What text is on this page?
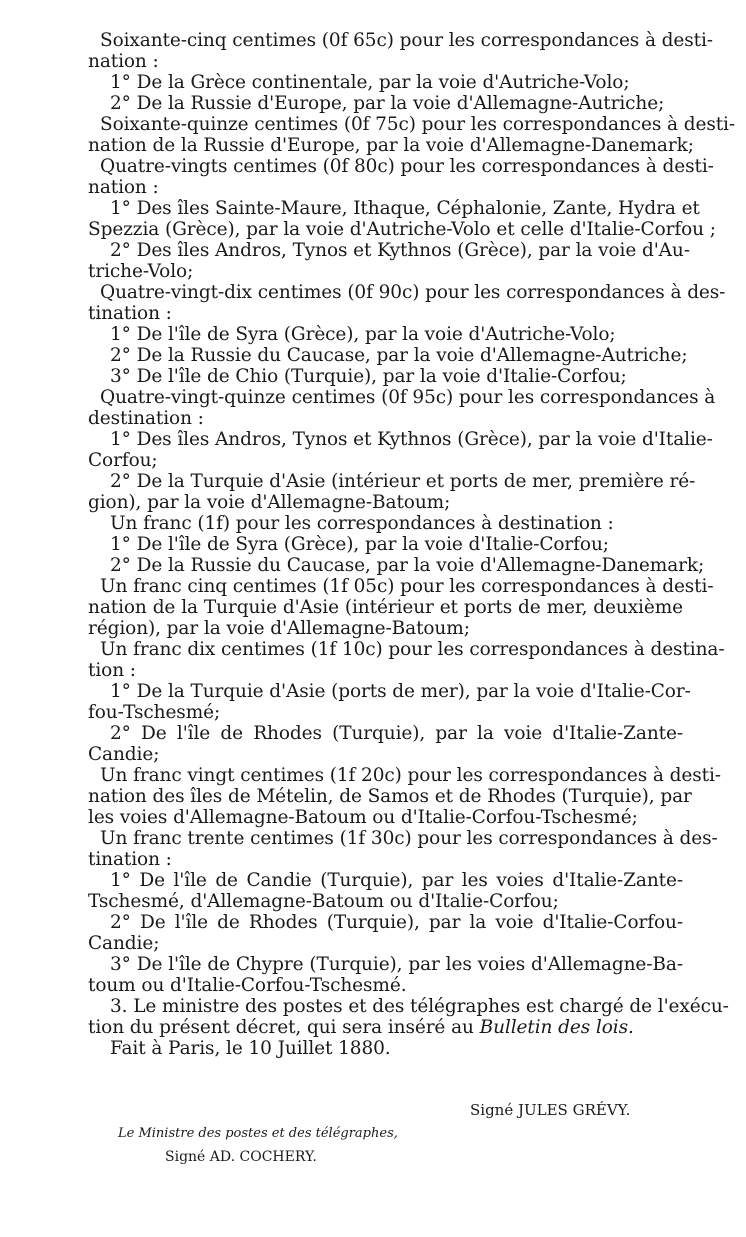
Soixante-cinq centimes (0f 65c) pour les correspondances à desti-
nation :
1° De la Grèce continentale, par la voie d'Autriche-Volo;
2° De la Russie d'Europe, par la voie d'Allemagne-Autriche;
Soixante-quinze centimes (0f 75c) pour les correspondances à desti-
nation de la Russie d'Europe, par la voie d'Allemagne-Danemark;
Quatre-vingts centimes (0f 80c) pour les correspondances à desti-
nation :
1° Des îles Sainte-Maure, Ithaque, Céphalonie, Zante, Hydra et
Spezzia (Grèce), par la voie d'Autriche-Volo et celle d'Italie-Corfou ;
2° Des îles Andros, Tynos et Kythnos (Grèce), par la voie d'Au-
triche-Volo;
Quatre-vingt-dix centimes (0f 90c) pour les correspondances à des-
tination :
1° De l'île de Syra (Grèce), par la voie d'Autriche-Volo;
2° De la Russie du Caucase, par la voie d'Allemagne-Autriche;
3° De l'île de Chio (Turquie), par la voie d'Italie-Corfou;
Quatre-vingt-quinze centimes (0f 95c) pour les correspondances à
destination :
1° Des îles Andros, Tynos et Kythnos (Grèce), par la voie d'Italie-
Corfou;
2° De la Turquie d'Asie (intérieur et ports de mer, première ré-
gion), par la voie d'Allemagne-Batoum;
Un franc (1f) pour les correspondances à destination :
1° De l'île de Syra (Grèce), par la voie d'Italie-Corfou;
2° De la Russie du Caucase, par la voie d'Allemagne-Danemark;
Un franc cinq centimes (1f 05c) pour les correspondances à desti-
nation de la Turquie d'Asie (intérieur et ports de mer, deuxième
région), par la voie d'Allemagne-Batoum;
Un franc dix centimes (1f 10c) pour les correspondances à destina-
tion :
1° De la Turquie d'Asie (ports de mer), par la voie d'Italie-Cor-
fou-Tschesmé;
2° De l'île de Rhodes (Turquie), par la voie d'Italie-Zante-
Candie;
Un franc vingt centimes (1f 20c) pour les correspondances à desti-
nation des îles de Mételin, de Samos et de Rhodes (Turquie), par
les voies d'Allemagne-Batoum ou d'Italie-Corfou-Tschesmé;
Un franc trente centimes (1f 30c) pour les correspondances à des-
tination :
1° De l'île de Candie (Turquie), par les voies d'Italie-Zante-
Tschesmé, d'Allemagne-Batoum ou d'Italie-Corfou;
2° De l'île de Rhodes (Turquie), par la voie d'Italie-Corfou-
Candie;
3° De l'île de Chypre (Turquie), par les voies d'Allemagne-Ba-
toum ou d'Italie-Corfou-Tschesmé.
3. Le ministre des postes et des télégraphes est chargé de l'exécu-
tion du présent décret, qui sera inséré au Bulletin des lois.
Fait à Paris, le 10 Juillet 1880.
Signé JULES GRÉVY.
Le Ministre des postes et des télégraphes,
Signé AD. COCHERY.
